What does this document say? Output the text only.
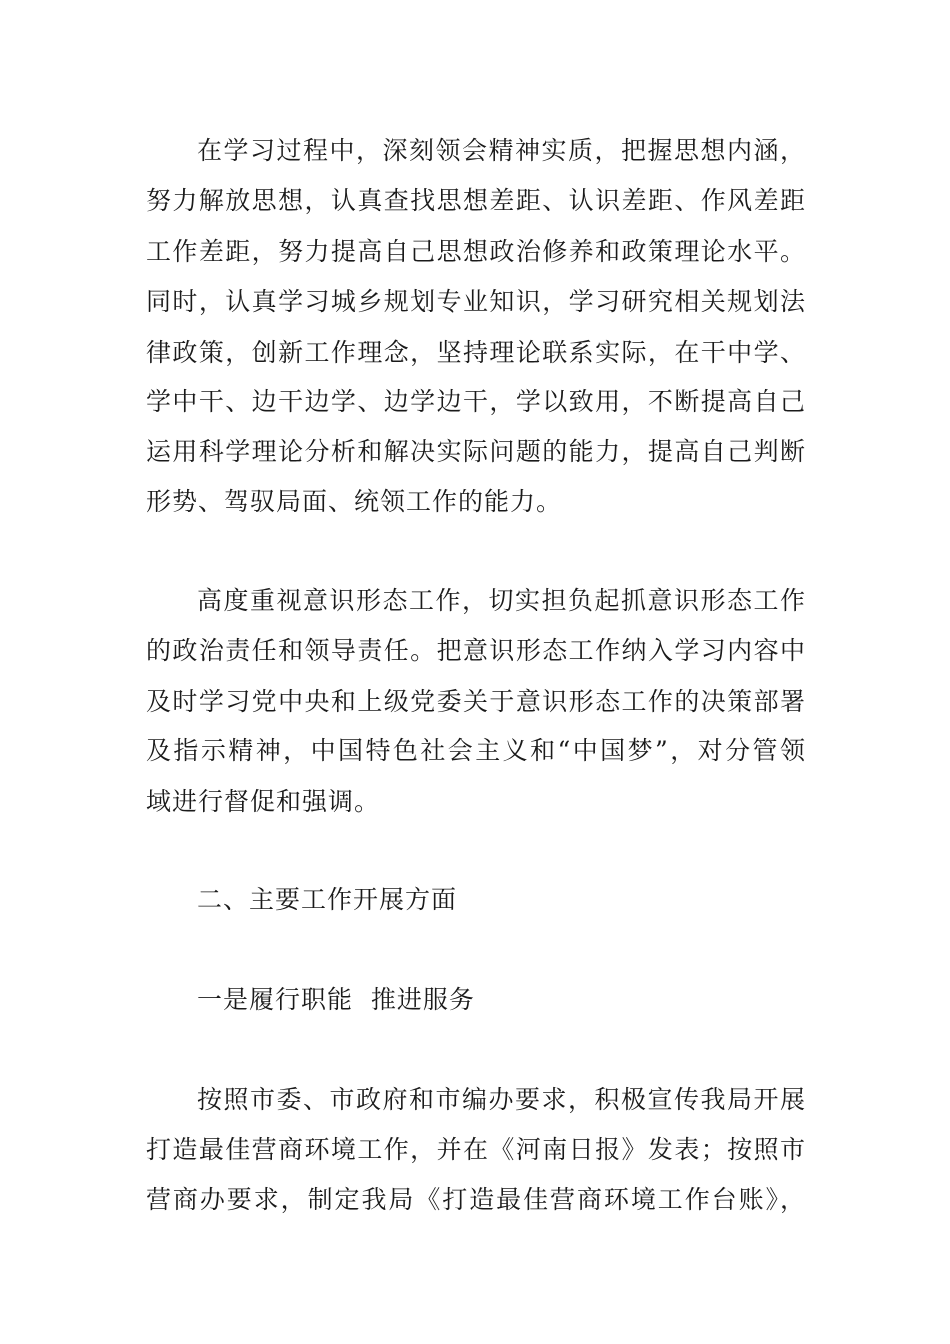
在学习过程中，深刻领会精神实质，把握思想内涵，
努力解放思想，认真查找思想差距、认识差距、作风差距
工作差距，努力提高自己思想政治修养和政策理论水平。
同时，认真学习城乡规划专业知识，学习研究相关规划法
律政策，创新工作理念，坚持理论联系实际，在干中学、
学中干、边干边学、边学边干，学以致用，不断提高自己
运用科学理论分析和解决实际问题的能力，提高自己判断
形势、驾驭局面、统领工作的能力。
高度重视意识形态工作，切实担负起抓意识形态工作
的政治责任和领导责任。把意识形态工作纳入学习内容中
及时学习党中央和上级党委关于意识形态工作的决策部署
及指示精神，中国特色社会主义和“中国梦”，对分管领
域进行督促和强调。
二、主要工作开展方面
一是履行职能  推进服务
按照市委、市政府和市编办要求，积极宣传我局开展
打造最佳营商环境工作，并在《河南日报》发表；按照市
营商办要求，制定我局《打造最佳营商环境工作台账》，
